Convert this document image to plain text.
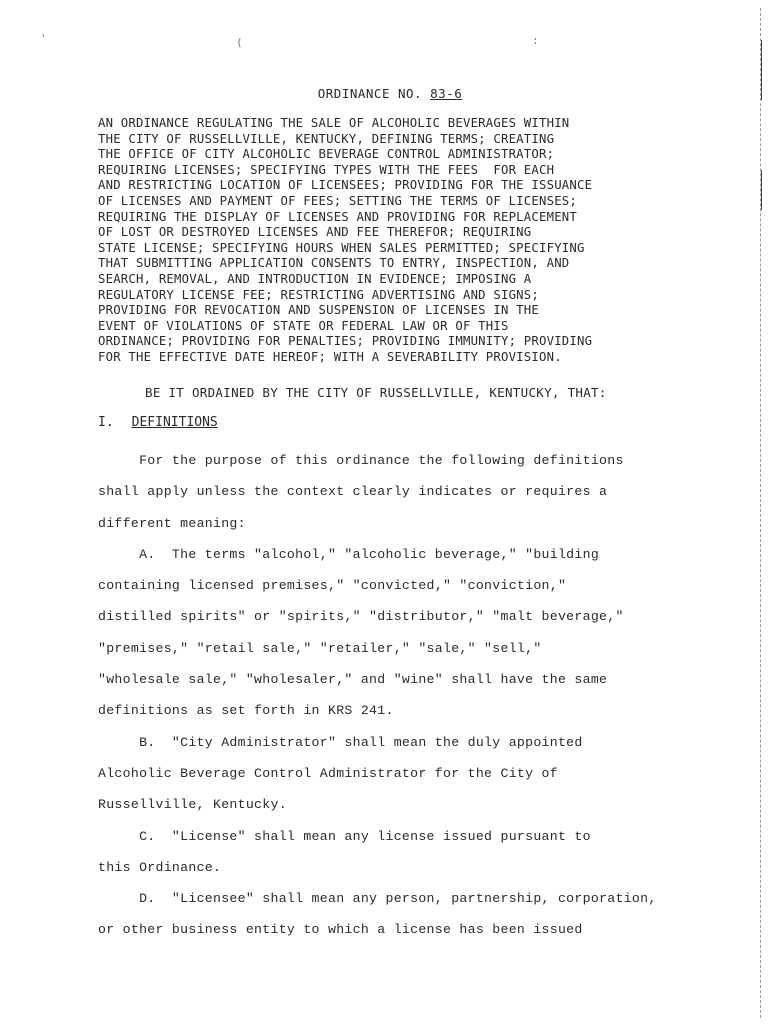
'	(	:
ORDINANCE NO. 83-6
AN ORDINANCE REGULATING THE SALE OF ALCOHOLIC BEVERAGES WITHIN
THE CITY OF RUSSELLVILLE, KENTUCKY, DEFINING TERMS; CREATING
THE OFFICE OF CITY ALCOHOLIC BEVERAGE CONTROL ADMINISTRATOR;
REQUIRING LICENSES; SPECIFYING TYPES WITH THE FEES  FOR EACH
AND RESTRICTING LOCATION OF LICENSEES; PROVIDING FOR THE ISSUANCE
OF LICENSES AND PAYMENT OF FEES; SETTING THE TERMS OF LICENSES;
REQUIRING THE DISPLAY OF LICENSES AND PROVIDING FOR REPLACEMENT
OF LOST OR DESTROYED LICENSES AND FEE THEREFOR; REQUIRING
STATE LICENSE; SPECIFYING HOURS WHEN SALES PERMITTED; SPECIFYING
THAT SUBMITTING APPLICATION CONSENTS TO ENTRY, INSPECTION, AND
SEARCH, REMOVAL, AND INTRODUCTION IN EVIDENCE; IMPOSING A
REGULATORY LICENSE FEE; RESTRICTING ADVERTISING AND SIGNS;
PROVIDING FOR REVOCATION AND SUSPENSION OF LICENSES IN THE
EVENT OF VIOLATIONS OF STATE OR FEDERAL LAW OR OF THIS
ORDINANCE; PROVIDING FOR PENALTIES; PROVIDING IMMUNITY; PROVIDING
FOR THE EFFECTIVE DATE HEREOF; WITH A SEVERABILITY PROVISION.
BE IT ORDAINED BY THE CITY OF RUSSELLVILLE, KENTUCKY, THAT:
I. DEFINITIONS
For the purpose of this ordinance the following definitions
shall apply unless the context clearly indicates or requires a
different meaning:
A.  The terms "alcohol," "alcoholic beverage," "building
containing licensed premises," "convicted," "conviction,"
distilled spirits" or "spirits," "distributor," "malt beverage,"
"premises," "retail sale," "retailer," "sale," "sell,"
"wholesale sale," "wholesaler," and "wine" shall have the same
definitions as set forth in KRS 241.
B.  "City Administrator" shall mean the duly appointed
Alcoholic Beverage Control Administrator for the City of
Russellville, Kentucky.
C.  "License" shall mean any license issued pursuant to
this Ordinance.
D.  "Licensee" shall mean any person, partnership, corporation,
or other business entity to which a license has been issued
